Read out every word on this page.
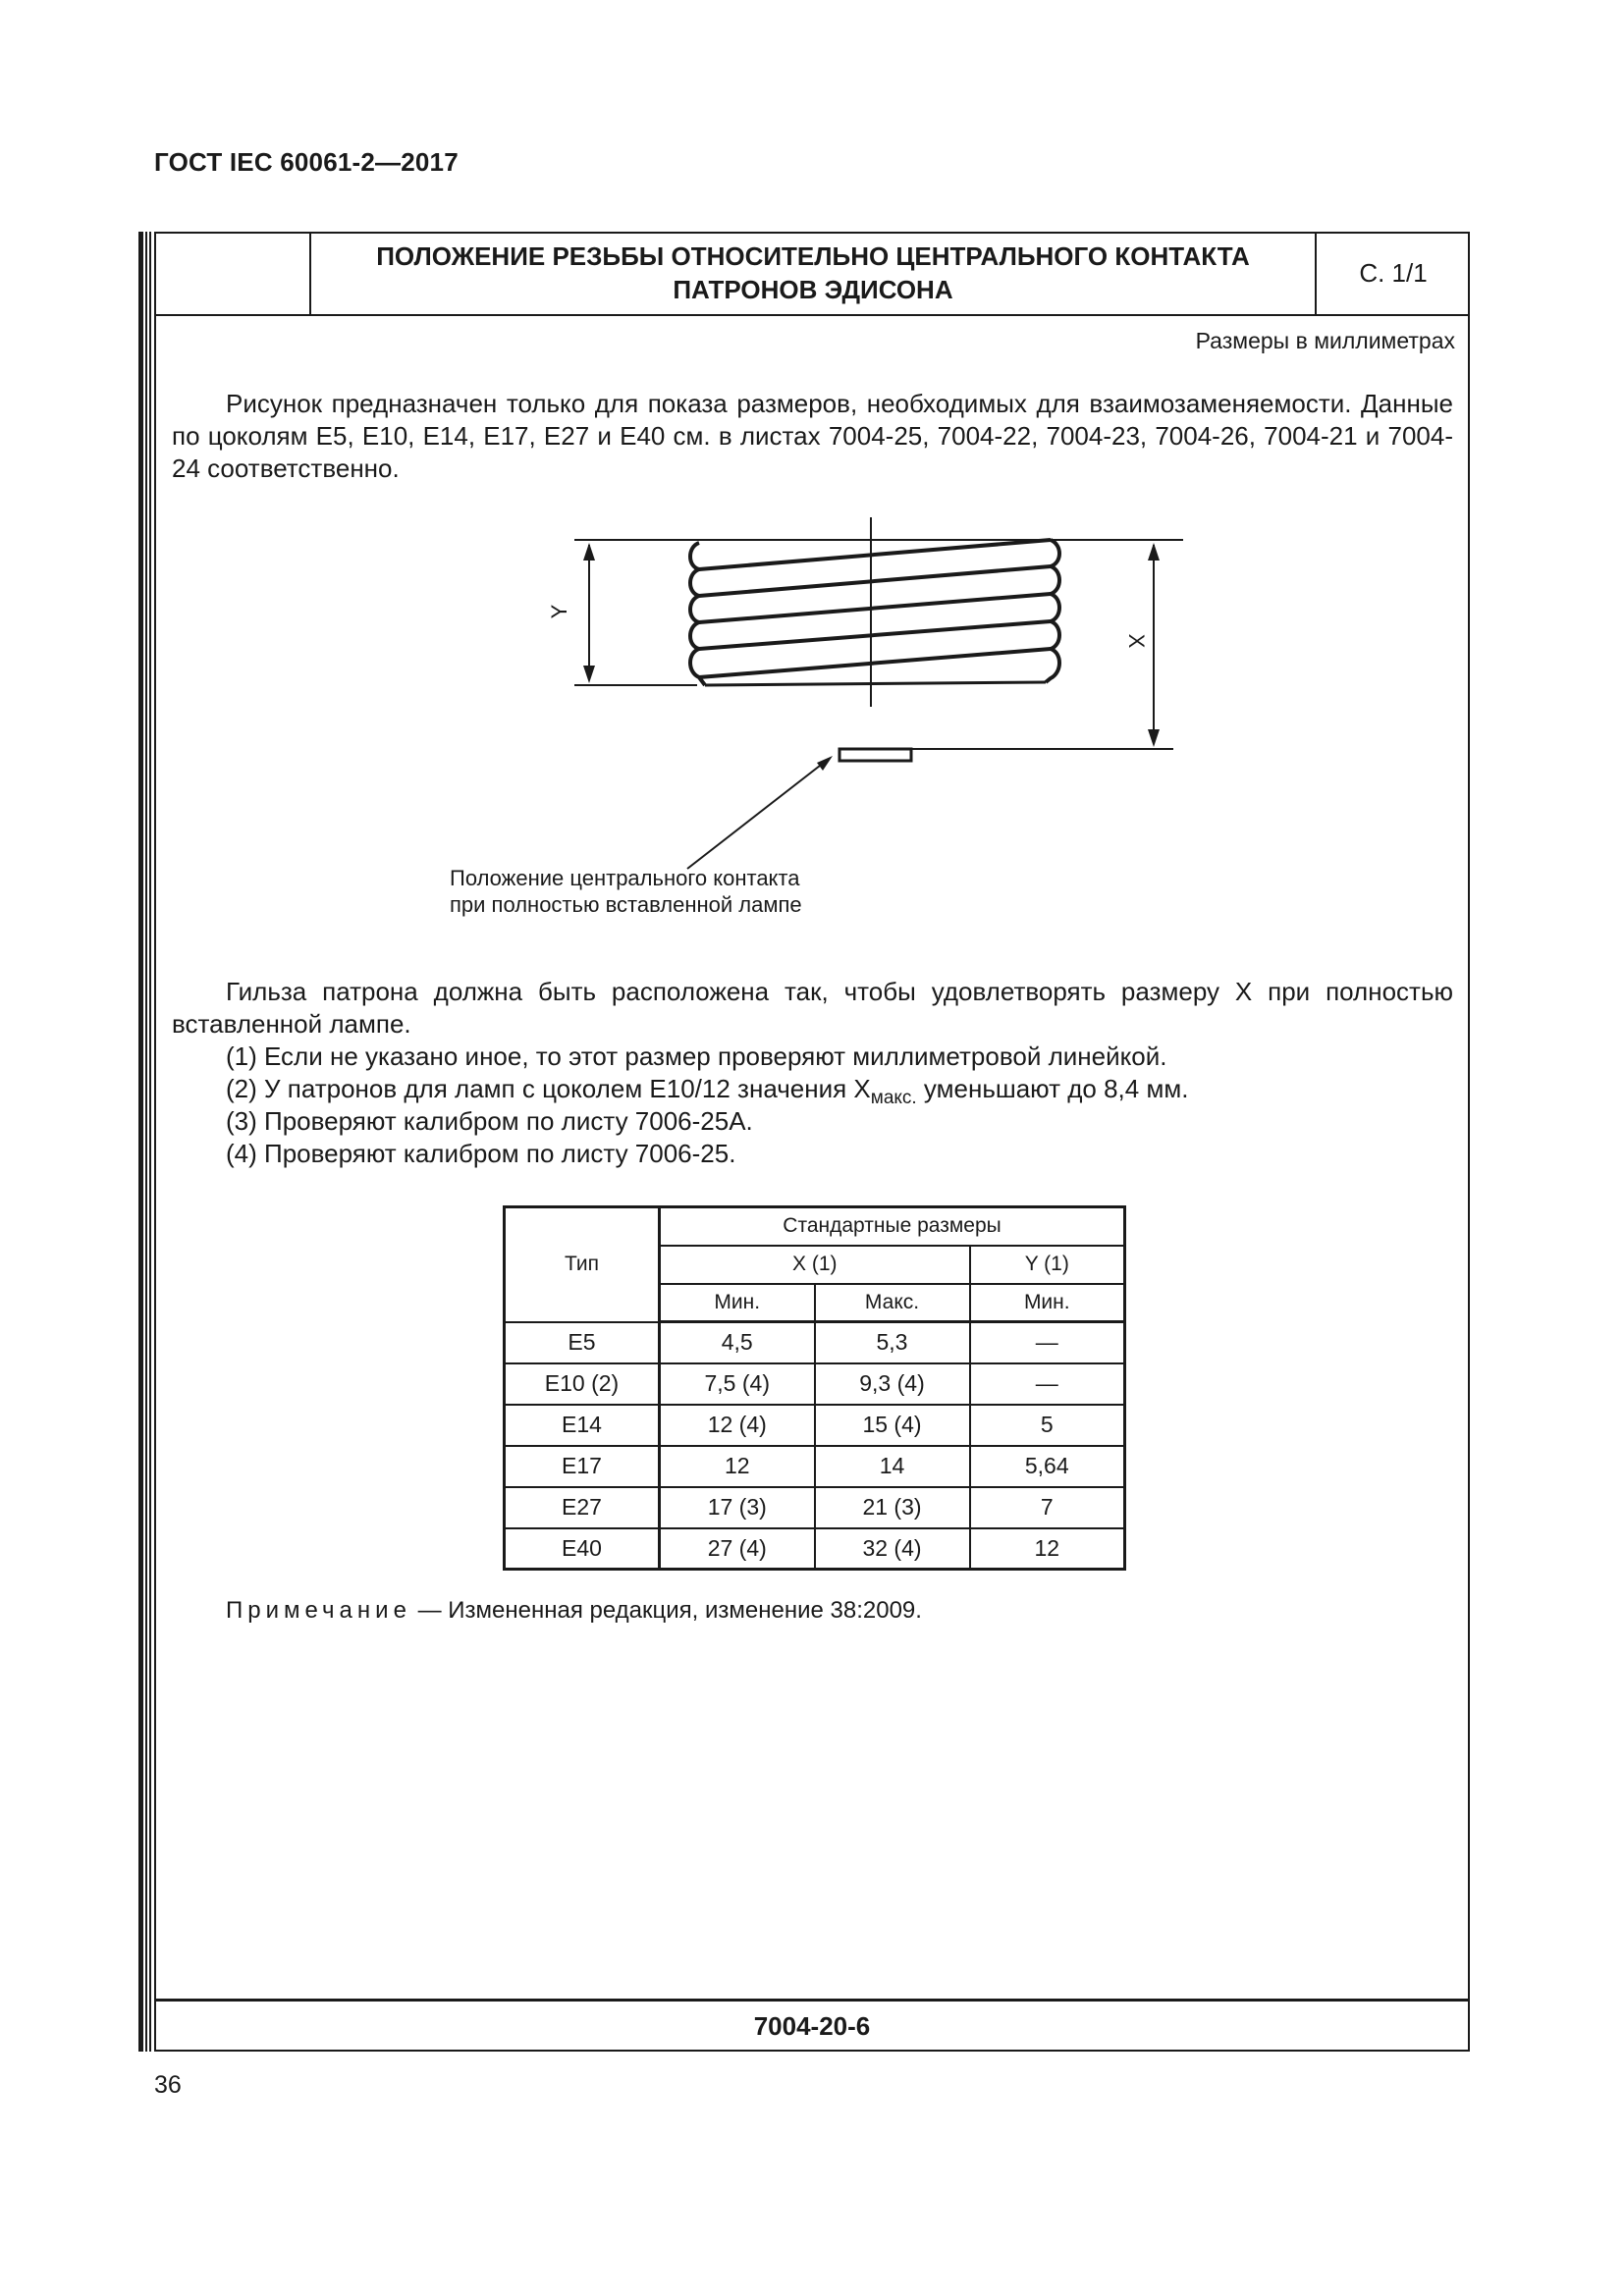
ГОСТ IEC 60061-2—2017
ПОЛОЖЕНИЕ РЕЗЬБЫ ОТНОСИТЕЛЬНО ЦЕНТРАЛЬНОГО КОНТАКТА
ПАТРОНОВ ЭДИСОНА
С. 1/1
Размеры в миллиметрах
Рисунок предназначен только для показа размеров, необходимых для взаимозаменяемости. Данные по цоколям E5, E10, E14, E17, E27 и E40 см. в листах 7004-25, 7004-22, 7004-23, 7004-26, 7004-21 и 7004-24 соответственно.
Y
X
Положение центрального контакта
при полностью вставленной лампе
Гильза патрона должна быть расположена так, чтобы удовлетворять размеру X при полностью вставленной лампе.
(1) Если не указано иное, то этот размер проверяют миллиметровой линейкой.
(2) У патронов для ламп с цоколем E10/12 значения $X_{макс.}$ уменьшают до 8,4 мм.
(3) Проверяют калибром по листу 7006-25A.
(4) Проверяют калибром по листу 7006-25.
Тип	Стандартные размеры		
	X (1)		Y (1)
	Мин.	Макс.	Мин.
E5	4,5	5,3	—
E10 (2)	7,5 (4)	9,3 (4)	—
E14	12 (4)	15 (4)	5
E17	12	14	5,64
E27	17 (3)	21 (3)	7
E40	27 (4)	32 (4)	12
Примечание — Измененная редакция, изменение 38:2009.
7004-20-6
36
